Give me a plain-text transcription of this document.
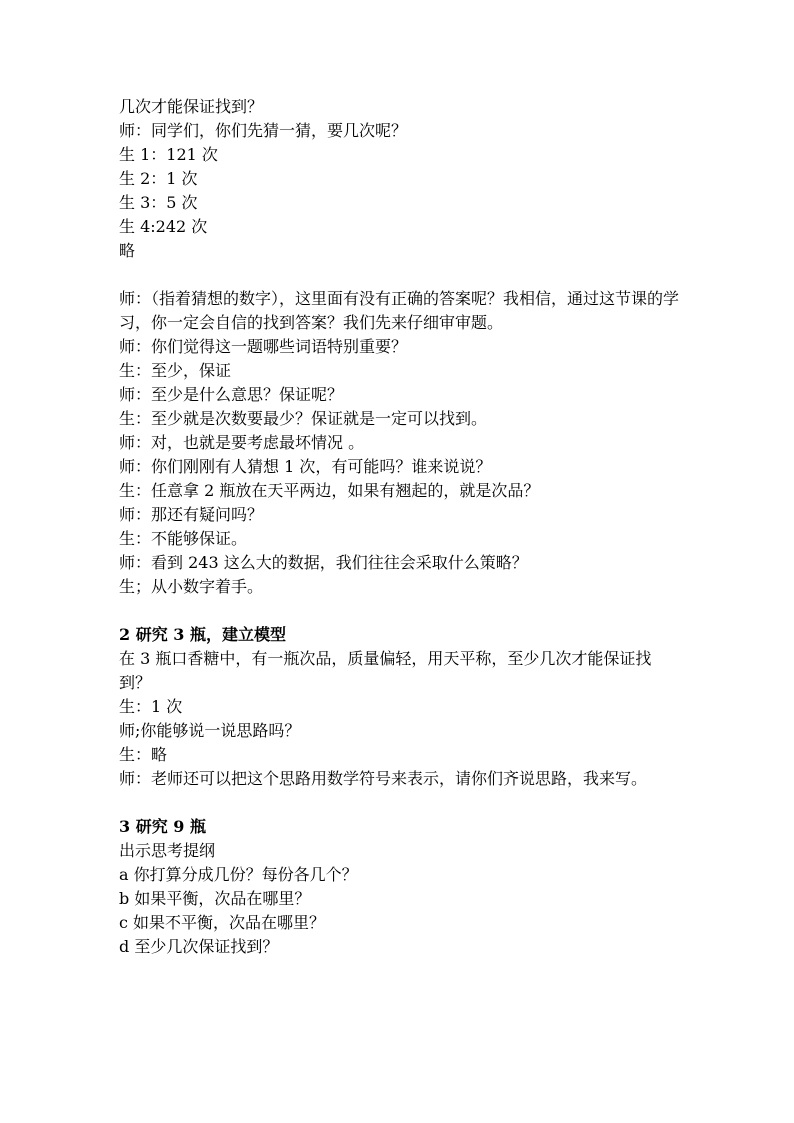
几次才能保证找到？
师：同学们，你们先猜一猜，要几次呢？
生 1：121 次
生 2：1 次
生 3：5 次
生 4:242 次
略
师：（指着猜想的数字），这里面有没有正确的答案呢？我相信，通过这节课的学习，你一定会自信的找到答案？我们先来仔细审审题。
师：你们觉得这一题哪些词语特别重要？
生：至少，保证
师：至少是什么意思？保证呢？
生：至少就是次数要最少？保证就是一定可以找到。
师：对，也就是要考虑最坏情况 。
师：你们刚刚有人猜想 1 次，有可能吗？谁来说说？
生：任意拿 2 瓶放在天平两边，如果有翘起的，就是次品？
师：那还有疑问吗？
生：不能够保证。
师：看到 243 这么大的数据，我们往往会采取什么策略？
生；从小数字着手。
2 研究 3 瓶，建立模型
在 3 瓶口香糖中，有一瓶次品，质量偏轻，用天平称，至少几次才能保证找到？
生：1 次
师;你能够说一说思路吗？
生：略
师：老师还可以把这个思路用数学符号来表示，请你们齐说思路，我来写。
3 研究 9 瓶
出示思考提纲
a 你打算分成几份？每份各几个？
b 如果平衡，次品在哪里？
c 如果不平衡，次品在哪里？
d 至少几次保证找到？
